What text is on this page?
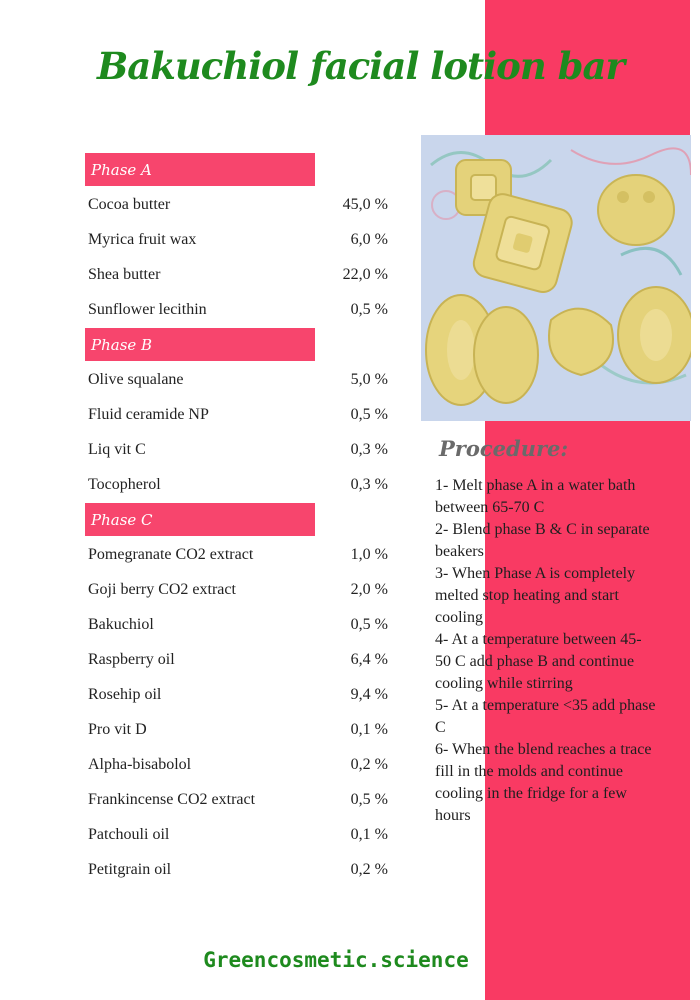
Bakuchiol facial lotion bar
Phase A
Cocoa butter	45,0 %
Myrica fruit wax	6,0 %
Shea butter	22,0 %
Sunflower lecithin	0,5 %
Phase B
Olive squalane	5,0 %
Fluid ceramide NP	0,5 %
Liq vit C	0,3 %
Tocopherol	0,3 %
Phase C
Pomegranate CO2 extract	1,0 %
Goji berry CO2 extract	2,0 %
Bakuchiol	0,5 %
Raspberry oil	6,4 %
Rosehip oil	9,4 %
Pro vit D	0,1 %
Alpha-bisabolol	0,2 %
Frankincense CO2 extract	0,5 %
Patchouli oil	0,1 %
Petitgrain oil	0,2 %
Procedure:
1- Melt phase A in a water bath between 65-70 C
2- Blend phase B & C in separate beakers
3- When Phase A is completely melted stop heating and start cooling
4- At a temperature between 45-50 C add phase B and continue cooling while stirring
5- At a temperature <35 add phase C
6- When the blend reaches a trace fill in the molds and continue cooling in the fridge for a few hours
Greencosmetic.science
